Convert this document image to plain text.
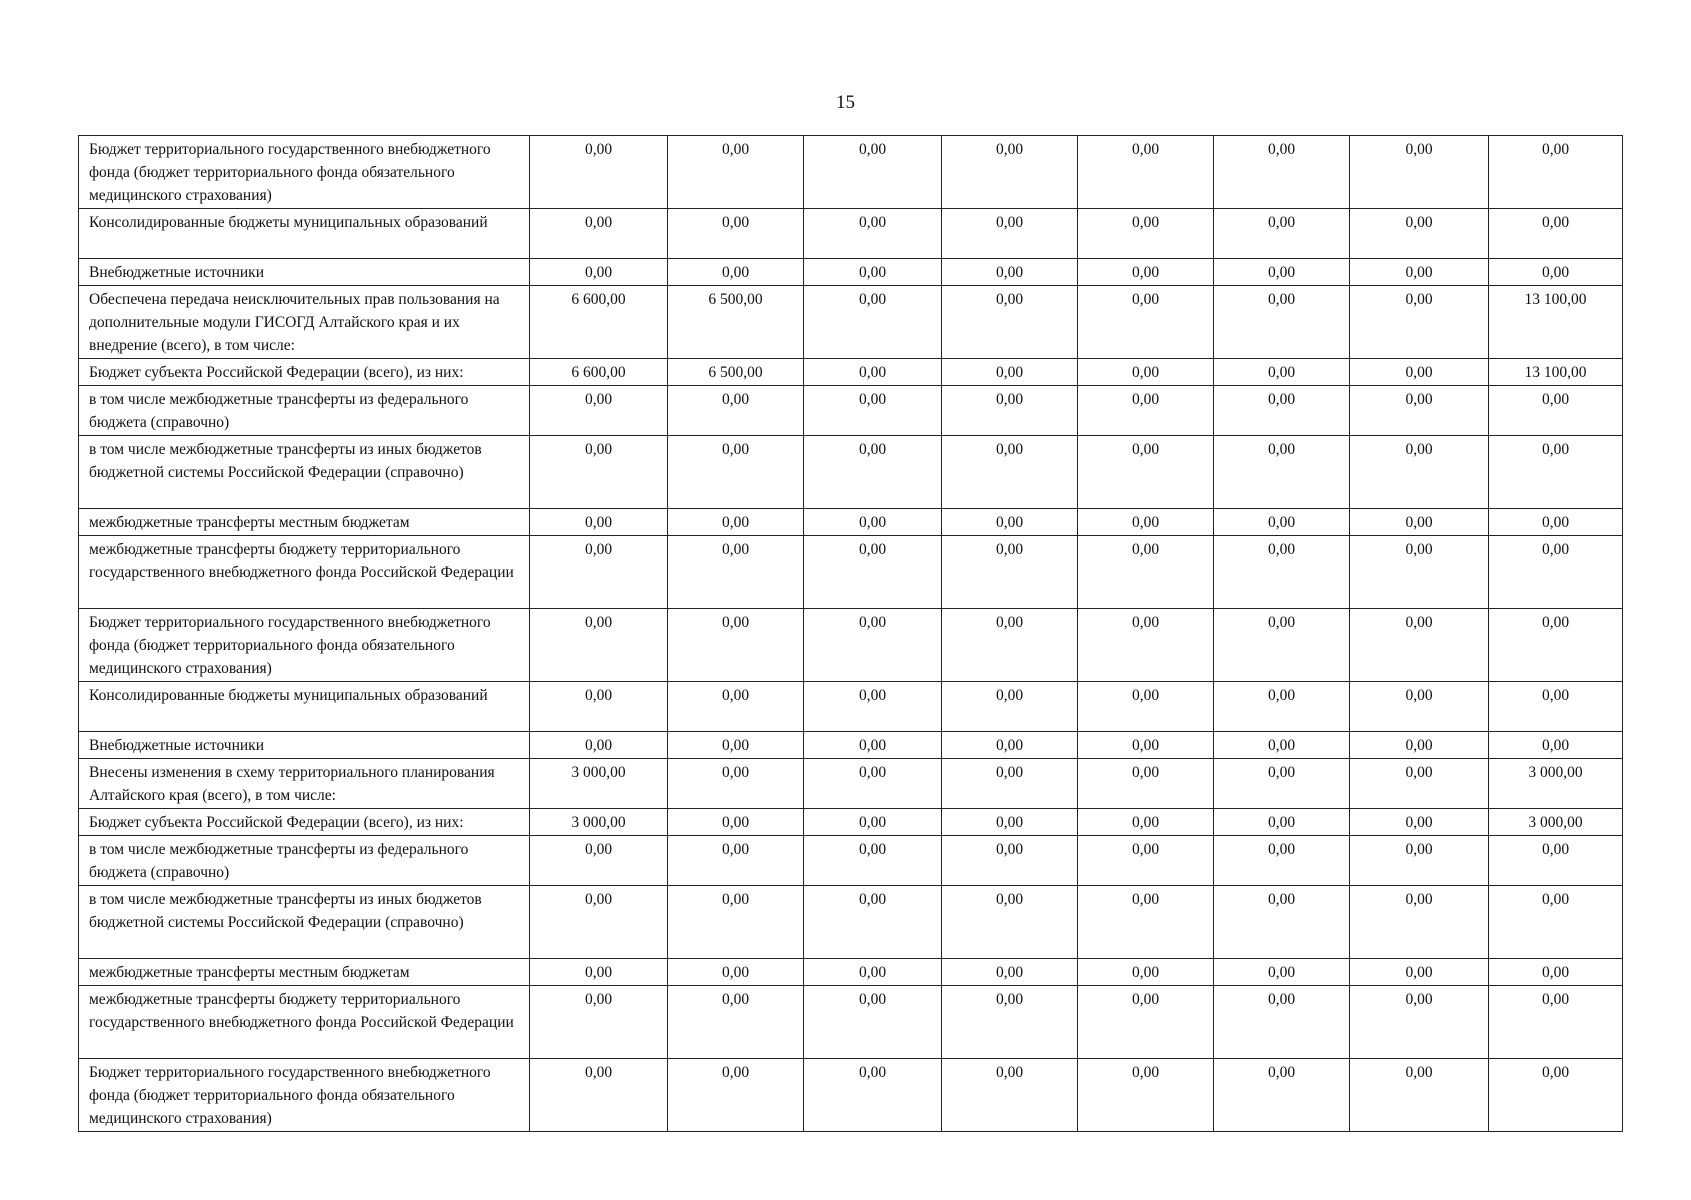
15
Бюджет территориального государственного внебюджетного фонда (бюджет территориального фонда обязательного медицинского страхования)	0,00	0,00	0,00	0,00	0,00	0,00	0,00	0,00
Консолидированные бюджеты муниципальных образований	0,00	0,00	0,00	0,00	0,00	0,00	0,00	0,00
Внебюджетные источники	0,00	0,00	0,00	0,00	0,00	0,00	0,00	0,00
Обеспечена передача неисключительных прав пользования на дополнительные модули ГИСОГД Алтайского края и их внедрение (всего), в том числе:	6 600,00	6 500,00	0,00	0,00	0,00	0,00	0,00	13 100,00
Бюджет субъекта Российской Федерации (всего), из них:	6 600,00	6 500,00	0,00	0,00	0,00	0,00	0,00	13 100,00
в том числе межбюджетные трансферты из федерального бюджета (справочно)	0,00	0,00	0,00	0,00	0,00	0,00	0,00	0,00
в том числе межбюджетные трансферты из иных бюджетов бюджетной системы Российской Федерации (справочно)	0,00	0,00	0,00	0,00	0,00	0,00	0,00	0,00
межбюджетные трансферты местным бюджетам	0,00	0,00	0,00	0,00	0,00	0,00	0,00	0,00
межбюджетные трансферты бюджету территориального государственного внебюджетного фонда Российской Федерации	0,00	0,00	0,00	0,00	0,00	0,00	0,00	0,00
Бюджет территориального государственного внебюджетного фонда (бюджет территориального фонда обязательного медицинского страхования)	0,00	0,00	0,00	0,00	0,00	0,00	0,00	0,00
Консолидированные бюджеты муниципальных образований	0,00	0,00	0,00	0,00	0,00	0,00	0,00	0,00
Внебюджетные источники	0,00	0,00	0,00	0,00	0,00	0,00	0,00	0,00
Внесены изменения в схему территориального планирования Алтайского края (всего), в том числе:	3 000,00	0,00	0,00	0,00	0,00	0,00	0,00	3 000,00
Бюджет субъекта Российской Федерации (всего), из них:	3 000,00	0,00	0,00	0,00	0,00	0,00	0,00	3 000,00
в том числе межбюджетные трансферты из федерального бюджета (справочно)	0,00	0,00	0,00	0,00	0,00	0,00	0,00	0,00
в том числе межбюджетные трансферты из иных бюджетов бюджетной системы Российской Федерации (справочно)	0,00	0,00	0,00	0,00	0,00	0,00	0,00	0,00
межбюджетные трансферты местным бюджетам	0,00	0,00	0,00	0,00	0,00	0,00	0,00	0,00
межбюджетные трансферты бюджету территориального государственного внебюджетного фонда Российской Федерации	0,00	0,00	0,00	0,00	0,00	0,00	0,00	0,00
Бюджет территориального государственного внебюджетного фонда (бюджет территориального фонда обязательного медицинского страхования)	0,00	0,00	0,00	0,00	0,00	0,00	0,00	0,00
